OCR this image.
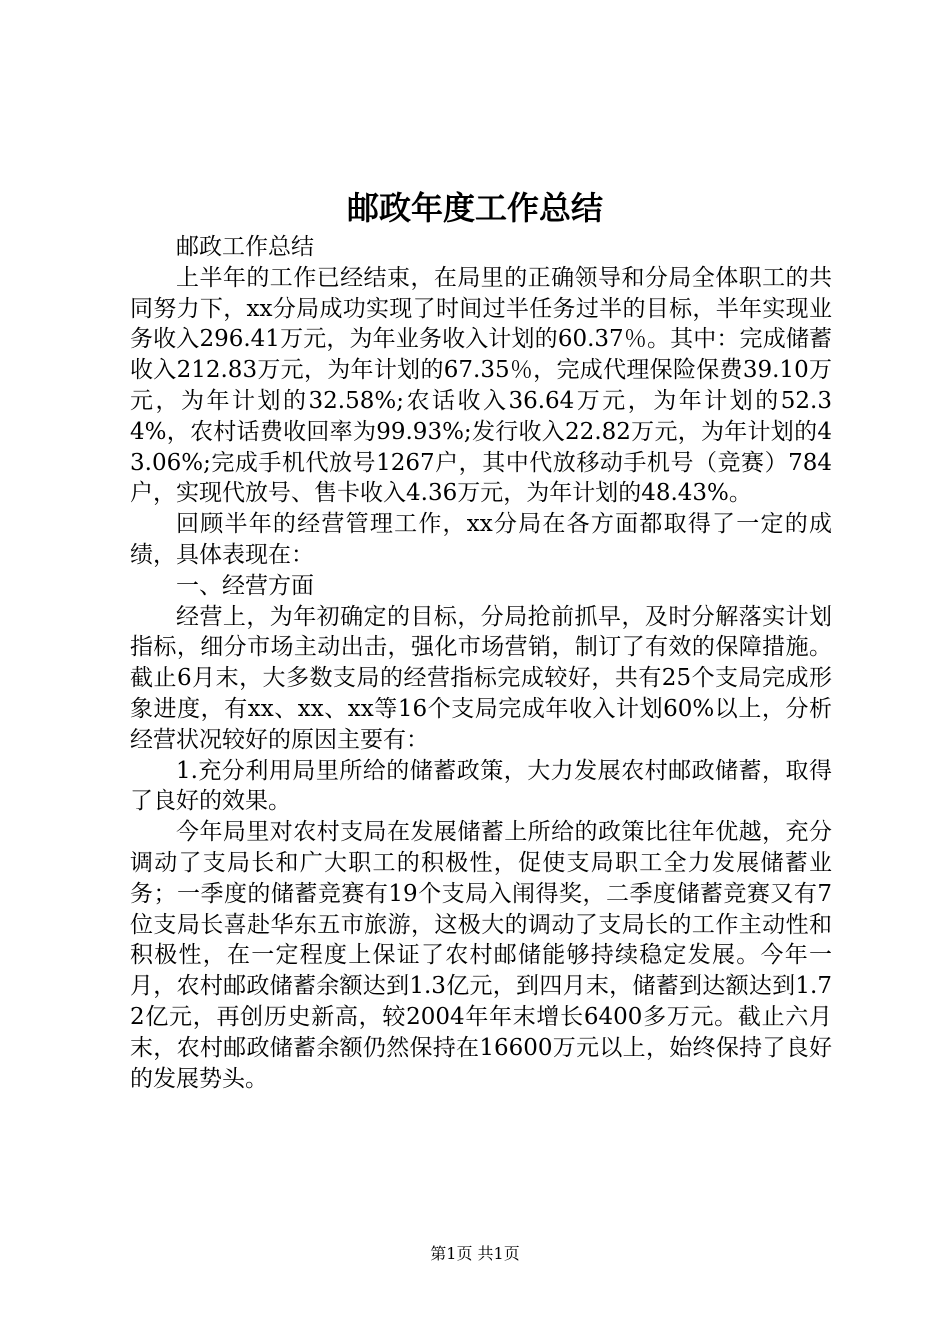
邮政年度工作总结

邮政工作总结

上半年的工作已经结束，在局里的正确领导和分局全体职工的共同努力下，xx分局成功实现了时间过半任务过半的目标，半年实现业务收入296.41万元，为年业务收入计划的60.37％。其中：完成储蓄收入212.83万元，为年计划的67.35％，完成代理保险保费39.10万元，为年计划的32.58%;农话收入36.64万元，为年计划的52.34%，农村话费收回率为99.93%;发行收入22.82万元，为年计划的43.06%;完成手机代放号1267户，其中代放移动手机号（竞赛）784户，实现代放号、售卡收入4.36万元，为年计划的48.43%。

回顾半年的经营管理工作，xx分局在各方面都取得了一定的成绩，具体表现在：

一、经营方面

经营上，为年初确定的目标，分局抢前抓早，及时分解落实计划指标，细分市场主动出击，强化市场营销，制订了有效的保障措施。截止6月末，大多数支局的经营指标完成较好，共有25个支局完成形象进度，有xx、xx、xx等16个支局完成年收入计划60%以上，分析经营状况较好的原因主要有：

1.充分利用局里所给的储蓄政策，大力发展农村邮政储蓄，取得了良好的效果。

今年局里对农村支局在发展储蓄上所给的政策比往年优越，充分调动了支局长和广大职工的积极性，促使支局职工全力发展储蓄业务；一季度的储蓄竞赛有19个支局入闱得奖，二季度储蓄竞赛又有7位支局长喜赴华东五市旅游，这极大的调动了支局长的工作主动性和积极性，在一定程度上保证了农村邮储能够持续稳定发展。今年一月，农村邮政储蓄余额达到1.3亿元，到四月末，储蓄到达额达到1.72亿元，再创历史新高，较2004年年末增长6400多万元。截止六月末，农村邮政储蓄余额仍然保持在16600万元以上，始终保持了良好的发展势头。

第1页 共1页
